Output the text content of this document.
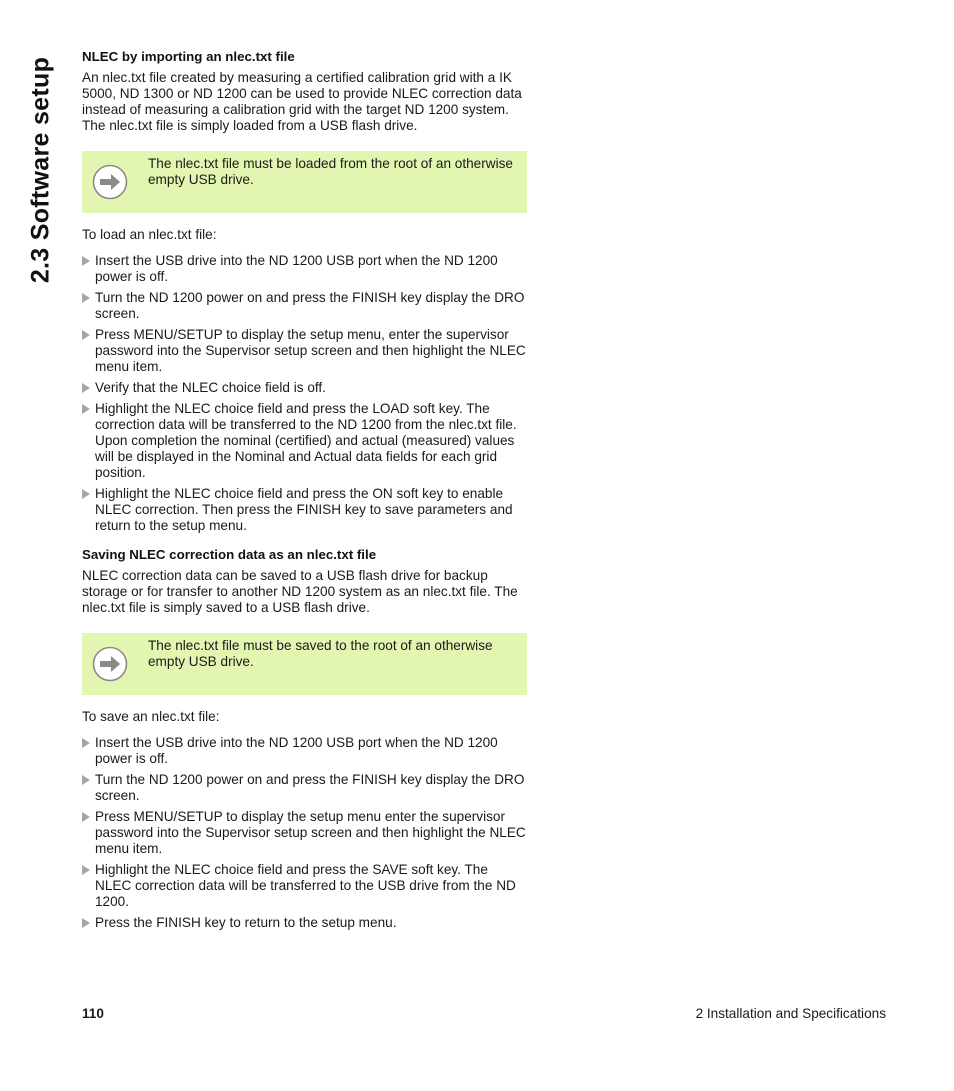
2.3 Software setup
NLEC by importing an nlec.txt file

An nlec.txt file created by measuring a certified calibration grid with a IK 5000, ND 1300 or ND 1200 can be used to provide NLEC correction data instead of measuring a calibration grid with the target ND 1200 system. The nlec.txt file is simply loaded from a USB flash drive.

The nlec.txt file must be loaded from the root of an otherwise empty USB drive.

To load an nlec.txt file:

Insert the USB drive into the ND 1200 USB port when the ND 1200 power is off.
Turn the ND 1200 power on and press the FINISH key display the DRO screen.
Press MENU/SETUP to display the setup menu, enter the supervisor password into the Supervisor setup screen and then highlight the NLEC menu item.
Verify that the NLEC choice field is off.
Highlight the NLEC choice field and press the LOAD soft key. The correction data will be transferred to the ND 1200 from the nlec.txt file. Upon completion the nominal (certified) and actual (measured) values will be displayed in the Nominal and Actual data fields for each grid position.
Highlight the NLEC choice field and press the ON soft key to enable NLEC correction. Then press the FINISH key to save parameters and return to the setup menu.
Saving NLEC correction data as an nlec.txt file

NLEC correction data can be saved to a USB flash drive for backup storage or for transfer to another ND 1200 system as an nlec.txt file. The nlec.txt file is simply saved to a USB flash drive.

The nlec.txt file must be saved to the root of an otherwise empty USB drive.

To save an nlec.txt file:

Insert the USB drive into the ND 1200 USB port when the ND 1200 power is off.
Turn the ND 1200 power on and press the FINISH key display the DRO screen.
Press MENU/SETUP to display the setup menu enter the supervisor password into the Supervisor setup screen and then highlight the NLEC menu item.
Highlight the NLEC choice field and press the SAVE soft key. The NLEC correction data will be transferred to the USB drive from the ND 1200.
Press the FINISH key to return to the setup menu.
110	2 Installation and Specifications
